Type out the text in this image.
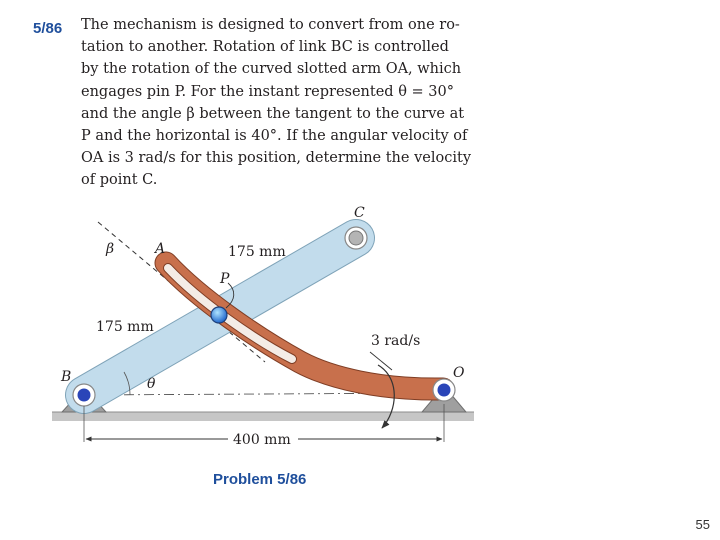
5/86 The mechanism is designed to convert from one ro-
tation to another. Rotation of link BC is controlled
by the rotation of the curved slotted arm OA, which
engages pin P. For the instant represented θ = 30°
and the angle β between the tangent to the curve at
P and the horizontal is 40°. If the angular velocity of
OA is 3 rad/s for this position, determine the velocity
of point C.
C
β	A	175 mm
P
175 mm
3 rad/s
B	θ
O
400 mm
Problem 5/86
55
